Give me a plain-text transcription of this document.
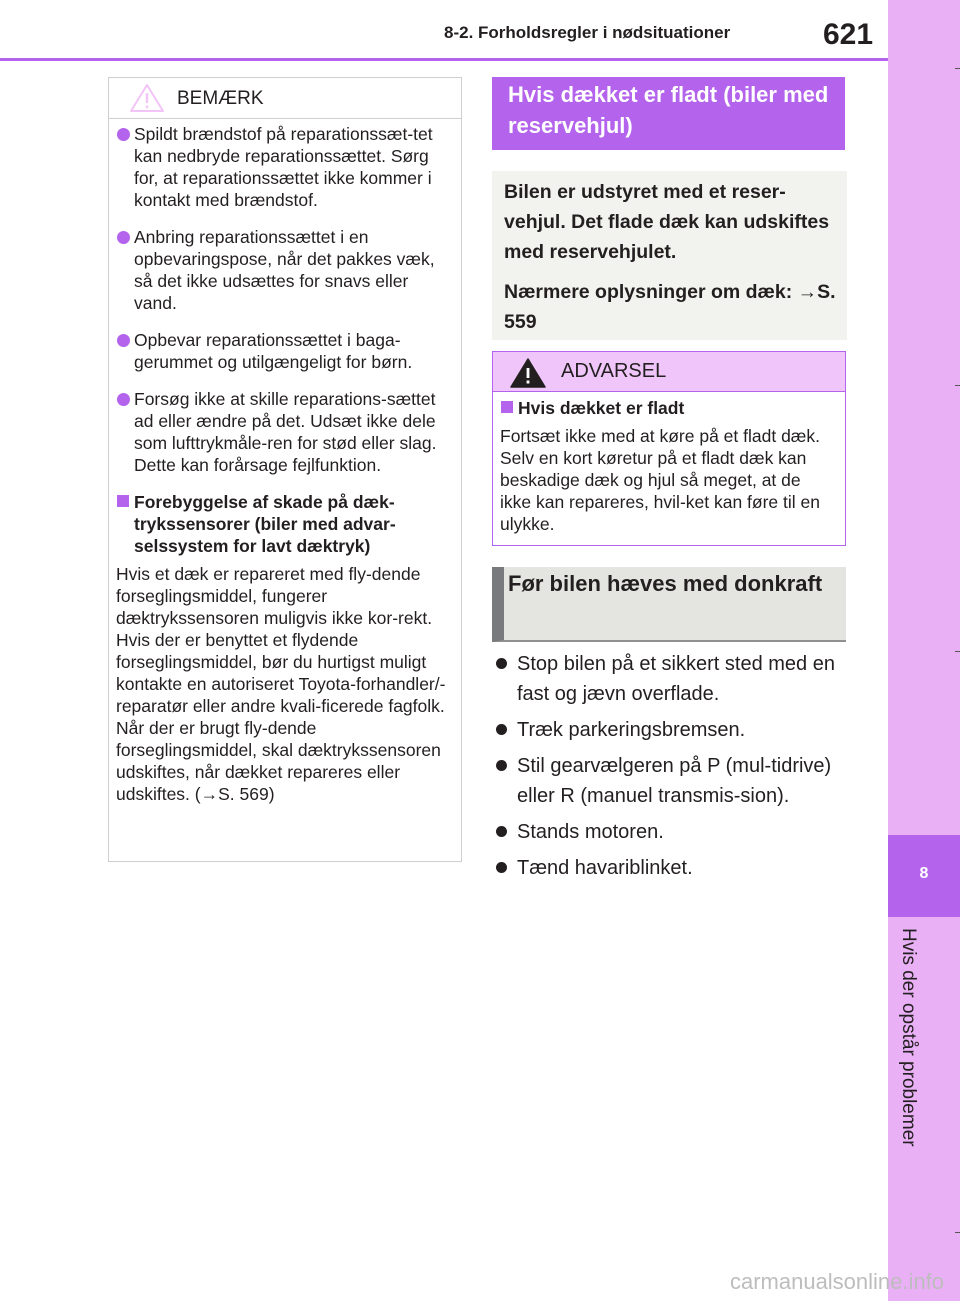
8-2. Forholdsregler i nødsituationer	621
8
Hvis der opstår problemer
BEMÆRK
Spildt brændstof på reparationssæt-tet kan nedbryde reparationssættet. Sørg for, at reparationssættet ikke kommer i kontakt med brændstof.
Anbring reparationssættet i en opbevaringspose, når det pakkes væk, så det ikke udsættes for snavs eller vand.
Opbevar reparationssættet i baga-gerummet og utilgængeligt for børn.
Forsøg ikke at skille reparations-sættet ad eller ændre på det. Udsæt ikke dele som lufttrykmåle-ren for stød eller slag. Dette kan forårsage fejlfunktion.
Forebyggelse af skade på dæk-trykssensorer (biler med advar-selssystem for lavt dæktryk)

Hvis et dæk er repareret med fly-dende forseglingsmiddel, fungerer dæktrykssensoren muligvis ikke kor-rekt. Hvis der er benyttet et flydende forseglingsmiddel, bør du hurtigst muligt kontakte en autoriseret Toyota-forhandler/-reparatør eller andre kvali-ficerede fagfolk. Når der er brugt fly-dende forseglingsmiddel, skal dæktrykssensoren udskiftes, når dækket repareres eller udskiftes. (→S. 569)

Hvis dækket er fladt (biler med reservehjul)

Bilen er udstyret med et reser-vehjul. Det flade dæk kan udskiftes med reservehjulet.

Nærmere oplysninger om dæk: →S. 559

ADVARSEL
Hvis dækket er fladt

Fortsæt ikke med at køre på et fladt dæk. Selv en kort køretur på et fladt dæk kan beskadige dæk og hjul så meget, at de ikke kan repareres, hvil-ket kan føre til en ulykke.

Før bilen hæves med donkraft
Stop bilen på et sikkert sted med en fast og jævn overflade.
Træk parkeringsbremsen.
Stil gearvælgeren på P (mul-tidrive) eller R (manuel transmis-sion).
Stands motoren.
Tænd havariblinket.
carmanualsonline.info
